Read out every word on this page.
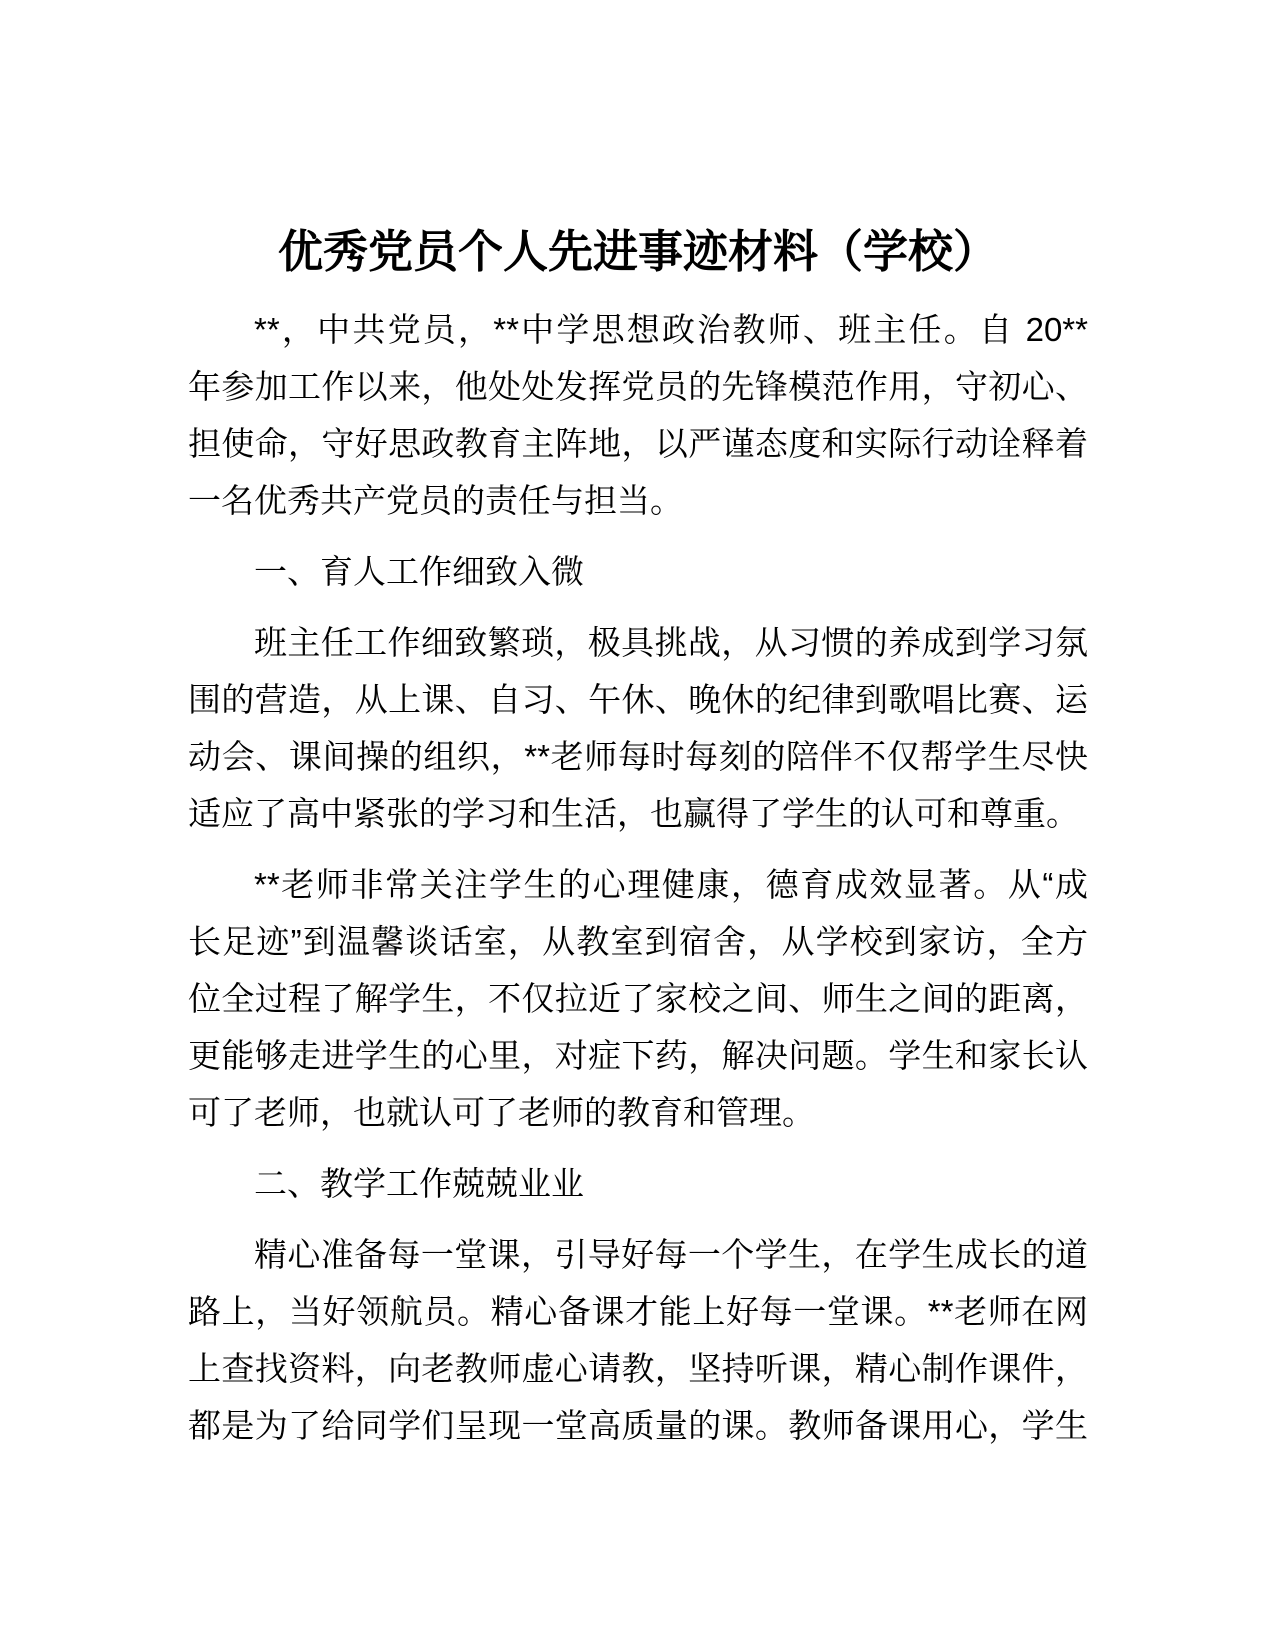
优秀党员个人先进事迹材料（学校）
**，中共党员，**中学思想政治教师、班主任。自 20**
年参加工作以来，他处处发挥党员的先锋模范作用，守初心、
担使命，守好思政教育主阵地，以严谨态度和实际行动诠释着
一名优秀共产党员的责任与担当。
一、育人工作细致入微
班主任工作细致繁琐，极具挑战，从习惯的养成到学习氛
围的营造，从上课、自习、午休、晚休的纪律到歌唱比赛、运
动会、课间操的组织，**老师每时每刻的陪伴不仅帮学生尽快
适应了高中紧张的学习和生活，也赢得了学生的认可和尊重。
**老师非常关注学生的心理健康，德育成效显著。从“成
长足迹”到温馨谈话室，从教室到宿舍，从学校到家访，全方
位全过程了解学生，不仅拉近了家校之间、师生之间的距离，
更能够走进学生的心里，对症下药，解决问题。学生和家长认
可了老师，也就认可了老师的教育和管理。
二、教学工作兢兢业业
精心准备每一堂课，引导好每一个学生，在学生成长的道
路上，当好领航员。精心备课才能上好每一堂课。**老师在网
上查找资料，向老教师虚心请教，坚持听课，精心制作课件，
都是为了给同学们呈现一堂高质量的课。教师备课用心，学生
